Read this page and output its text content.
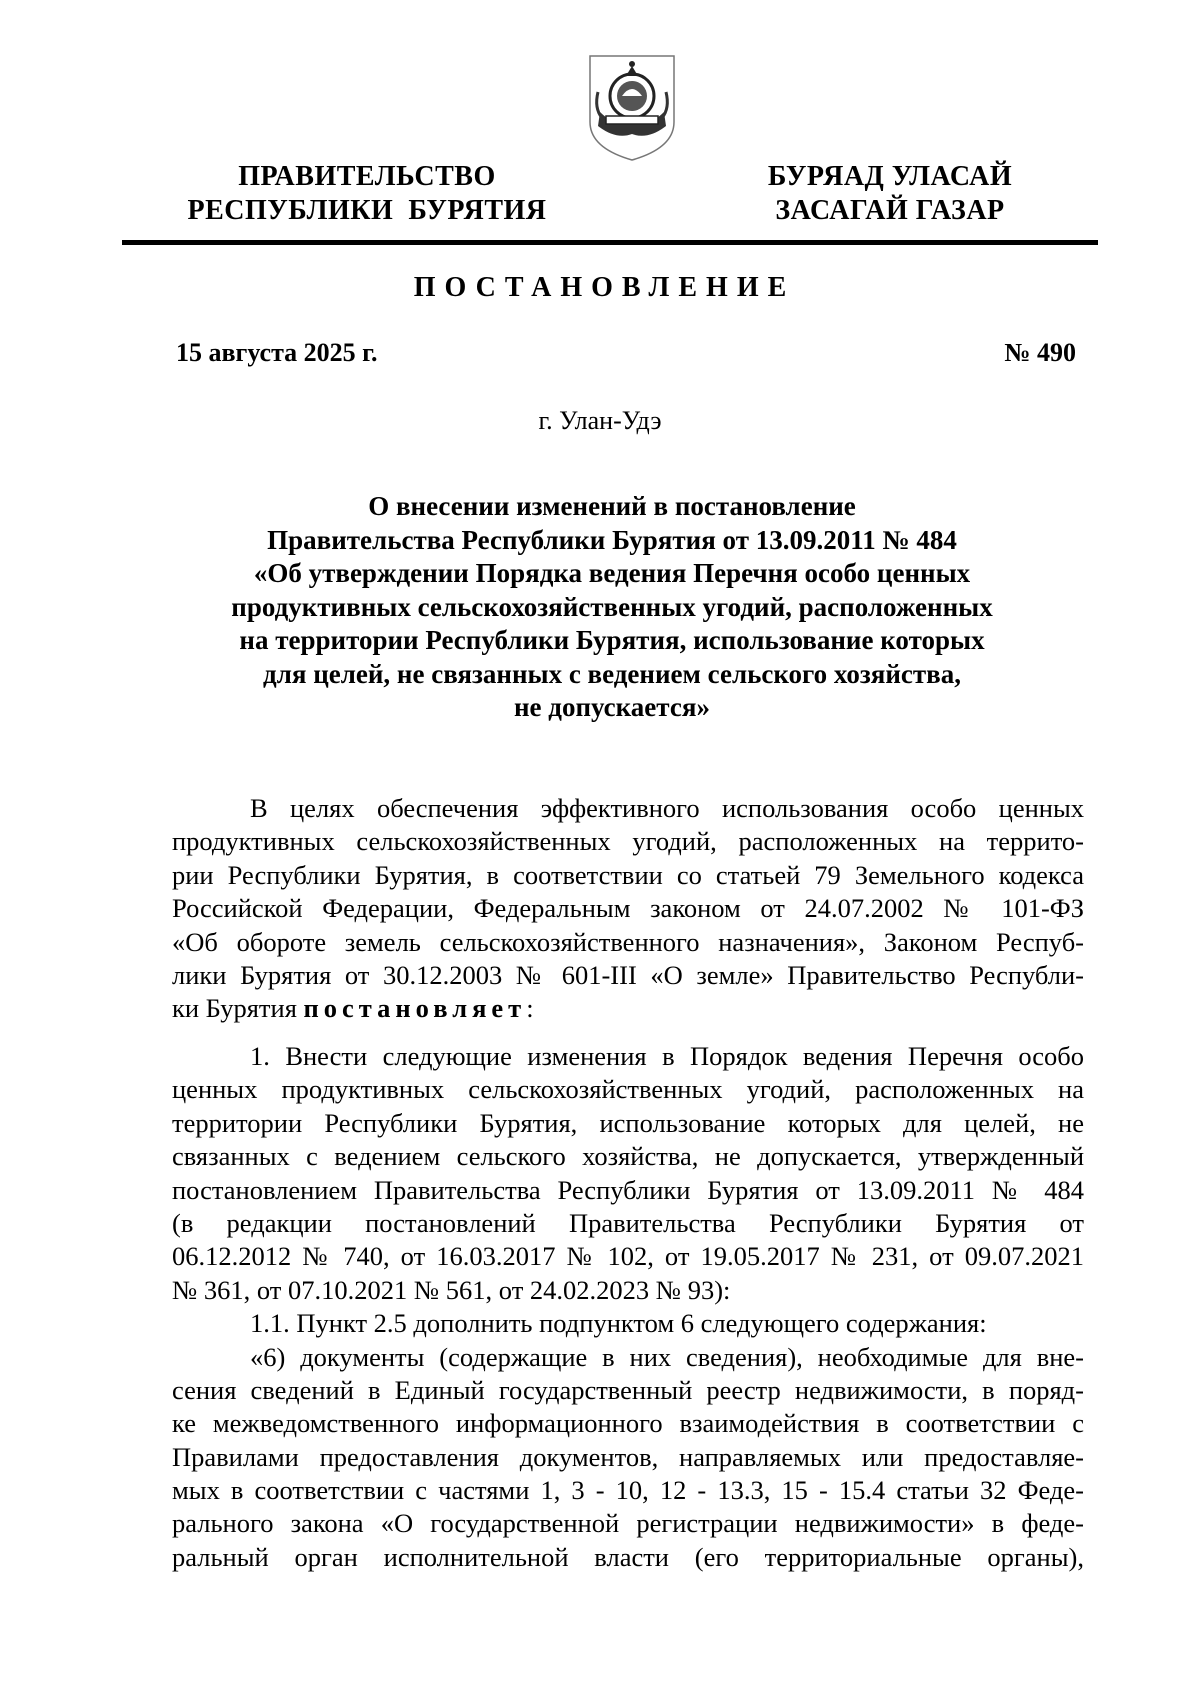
ПРАВИТЕЛЬСТВО
РЕСПУБЛИКИ  БУРЯТИЯ
БУРЯАД УЛАСАЙ
ЗАСАГАЙ ГАЗАР
ПОСТАНОВЛЕНИЕ
15 августа 2025 г.	№ 490
г. Улан-Удэ
О внесении изменений в постановление
Правительства Республики Бурятия от 13.09.2011 № 484
«Об утверждении Порядка ведения Перечня особо ценных
продуктивных сельскохозяйственных угодий, расположенных
на территории Республики Бурятия, использование которых
для целей, не связанных с ведением сельского хозяйства,
не допускается»
В целях обеспечения эффективного использования особо ценных
продуктивных сельскохозяйственных угодий, расположенных на террито-
рии Республики Бурятия, в соответствии со статьей 79 Земельного кодекса
Российской Федерации, Федеральным законом от 24.07.2002 № 101-ФЗ
«Об обороте земель сельскохозяйственного назначения», Законом Респуб-
лики Бурятия от 30.12.2003 № 601-III «О земле» Правительство Республи-
ки Бурятия постановляет:
1. Внести следующие изменения в Порядок ведения Перечня особо
ценных продуктивных сельскохозяйственных угодий, расположенных на
территории Республики Бурятия, использование которых для целей, не
связанных с ведением сельского хозяйства, не допускается, утвержденный
постановлением Правительства Республики Бурятия от 13.09.2011 № 484
(в редакции постановлений Правительства Республики Бурятия от
06.12.2012 № 740, от 16.03.2017 № 102, от 19.05.2017 № 231, от 09.07.2021
№ 361, от 07.10.2021 № 561, от 24.02.2023 № 93):
1.1. Пункт 2.5 дополнить подпунктом 6 следующего содержания:
«6) документы (содержащие в них сведения), необходимые для вне-
сения сведений в Единый государственный реестр недвижимости, в поряд-
ке межведомственного информационного взаимодействия в соответствии с
Правилами предоставления документов, направляемых или предоставляе-
мых в соответствии с частями 1, 3 - 10, 12 - 13.3, 15 - 15.4 статьи 32 Феде-
рального закона «О государственной регистрации недвижимости» в феде-
ральный орган исполнительной власти (его территориальные органы),
